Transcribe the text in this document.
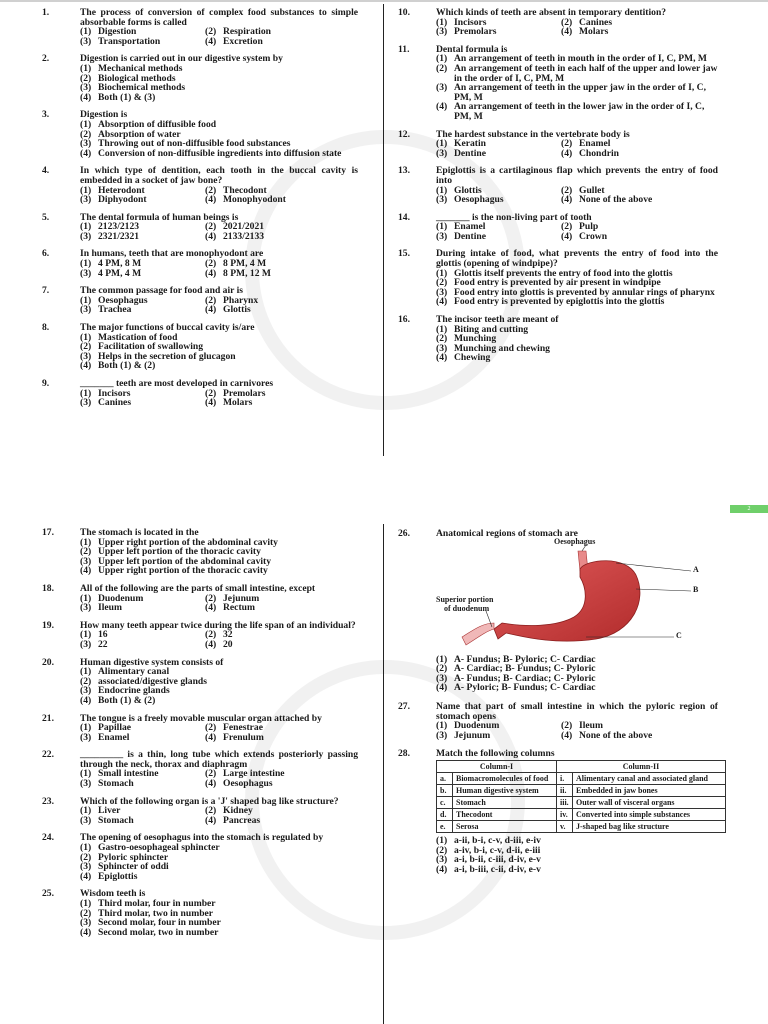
1.	The process of conversion of complex food substances to simple absorbable forms is called
(1) Digestion	(2) Respiration
(3) Transportation	(4) Excretion
2.	Digestion is carried out in our digestive system by
(1) Mechanical methods
(2) Biological methods
(3) Biochemical methods
(4) Both (1) & (3)
3.	Digestion is
(1) Absorption of diffusible food
(2) Absorption of water
(3) Throwing out of non-diffusible food substances
(4) Conversion of non-diffusible ingredients into diffusion state
4.	In which type of dentition, each tooth in the buccal cavity is embedded in a socket of jaw bone?
(1) Heterodont	(2) Thecodont
(3) Diphyodont	(4) Monophyodont
5.	The dental formula of human beings is
(1) 2123/2123	(2) 2021/2021
(3) 2321/2321	(4) 2133/2133
6.	In humans, teeth that are monophyodont are
(1) 4 PM, 8 M	(2) 8 PM, 4 M
(3) 4 PM, 4 M	(4) 8 PM, 12 M
7.	The common passage for food and air is
(1) Oesophagus	(2) Pharynx
(3) Trachea	(4) Glottis
8.	The major functions of buccal cavity is/are
(1) Mastication of food
(2) Facilitation of swallowing
(3) Helps in the secretion of glucagon
(4) Both (1) & (2)
9.	_______ teeth are most developed in carnivores
(1) Incisors	(2) Premolars
(3) Canines	(4) Molars
10.	Which kinds of teeth are absent in temporary dentition?
(1) Incisors	(2) Canines
(3) Premolars	(4) Molars
11.	Dental formula is
(1) An arrangement of teeth in mouth in the order of I, C, PM, M
(2) An arrangement of teeth in each half of the upper and lower jaw in the order of I, C, PM, M
(3) An arrangement of teeth in the upper jaw in the order of I, C, PM, M
(4) An arrangement of teeth in the lower jaw in the order of I, C, PM, M
12.	The hardest substance in the vertebrate body is
(1) Keratin	(2) Enamel
(3) Dentine	(4) Chondrin
13.	Epiglottis is a cartilaginous flap which prevents the entry of food into
(1) Glottis	(2) Gullet
(3) Oesophagus	(4) None of the above
14.	_______ is the non-living part of tooth
(1) Enamel	(2) Pulp
(3) Dentine	(4) Crown
15.	During intake of food, what prevents the entry of food into the glottis (opening of windpipe)?
(1) Glottis itself prevents the entry of food into the glottis
(2) Food entry is prevented by air present in windpipe
(3) Food entry into glottis is prevented by annular rings of pharynx
(4) Food entry is prevented by epiglottis into the glottis
16.	The incisor teeth are meant of
(1) Biting and cutting
(2) Munching
(3) Munching and chewing
(4) Chewing
2
17.	The stomach is located in the
(1) Upper right portion of the abdominal cavity
(2) Upper left portion of the thoracic cavity
(3) Upper left portion of the abdominal cavity
(4) Upper right portion of the thoracic cavity
18.	All of the following are the parts of small intestine, except
(1) Duodenum	(2) Jejunum
(3) Ileum	(4) Rectum
19.	How many teeth appear twice during the life span of an individual?
(1) 16	(2) 32
(3) 22	(4) 20
20.	Human digestive system consists of
(1) Alimentary canal
(2) associated/digestive glands
(3) Endocrine glands
(4) Both (1) & (2)
21.	The tongue is a freely movable muscular organ attached by
(1) Papillae	(2) Fenestrae
(3) Enamel	(4) Frenulum
22.	_________ is a thin, long tube which extends posteriorly passing through the neck, thorax and diaphragm
(1) Small intestine	(2) Large intestine
(3) Stomach	(4) Oesophagus
23.	Which of the following organ is a 'J' shaped bag like structure?
(1) Liver	(2) Kidney
(3) Stomach	(4) Pancreas
24.	The opening of oesophagus into the stomach is regulated by
(1) Gastro-oesophageal sphincter
(2) Pyloric sphincter
(3) Sphincter of oddi
(4) Epiglottis
25.	Wisdom teeth is
(1) Third molar, four in number
(2) Third molar, two in number
(3) Second molar, four in number
(4) Second molar, two in number
26.	Anatomical regions of stomach are
Oesophagus
A
B
C
Superior portion
of duodenum
(1) A- Fundus; B- Pyloric; C- Cardiac
(2) A- Cardiac; B- Fundus; C- Pyloric
(3) A- Fundus; B- Cardiac; C- Pyloric
(4) A- Pyloric; B- Fundus; C- Cardiac
27.	Name that part of small intestine in which the pyloric region of stomach opens
(1) Duodenum	(2) Ileum
(3) Jejunum	(4) None of the above
28.	Match the following columns
Column-I		Column-II	
a.	Biomacromolecules of food	i.	Alimentary canal and associated gland
b.	Human digestive system	ii.	Embedded in jaw bones
c.	Stomach	iii.	Outer wall of visceral organs
d.	Thecodont	iv.	Converted into simple substances
e.	Serosa	v.	J-shaped bag like structure
(1) a-ii, b-i, c-v, d-iii, e-iv
(2) a-iv, b-i, c-v, d-ii, e-iii
(3) a-i, b-ii, c-iii, d-iv, e-v
(4) a-i, b-iii, c-ii, d-iv, e-v
